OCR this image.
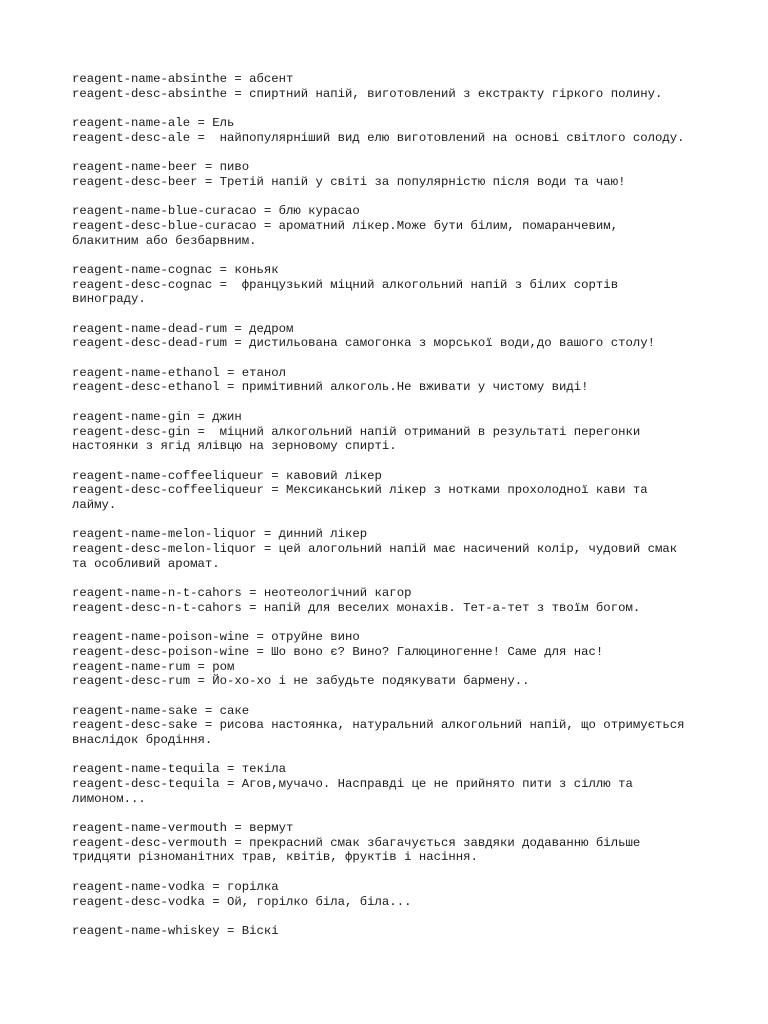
reagent-name-absinthe = абсент
reagent-desc-absinthe = спиртний напій, виготовлений з екстракту гіркого полину.
reagent-name-ale = Ель
reagent-desc-ale =  найпопулярніший вид елю виготовлений на основі світлого солоду.
reagent-name-beer = пиво
reagent-desc-beer = Третій напій у світі за популярністю після води та чаю!
reagent-name-blue-curacao = блю курасао
reagent-desc-blue-curacao = ароматний лікер.Може бути білим, помаранчевим,
блакитним або безбарвним.
reagent-name-cognac = коньяк
reagent-desc-cognac =  французький міцний алкогольний напій з білих сортів
винограду.
reagent-name-dead-rum = дедром
reagent-desc-dead-rum = дистильована самогонка з морської води,до вашого столу!
reagent-name-ethanol = етанол
reagent-desc-ethanol = примітивний алкоголь.Не вживати у чистому виді!
reagent-name-gin = джин
reagent-desc-gin =  міцний алкогольний напій отриманий в результаті перегонки
настоянки з ягід ялівцю на зерновому спирті.
reagent-name-coffeeliqueur = кавовий лікер
reagent-desc-coffeeliqueur = Мексиканський лікер з нотками прохолодної кави та
лайму.
reagent-name-melon-liquor = динний лікер
reagent-desc-melon-liquor = цей алогольний напій має насичений колір, чудовий смак
та особливий аромат.
reagent-name-n-t-cahors = неотеологічний кагор
reagent-desc-n-t-cahors = напій для веселих монахів. Тет-а-тет з твоїм богом.
reagent-name-poison-wine = отруйне вино
reagent-desc-poison-wine = Шо воно є? Вино? Галюциногенне! Саме для нас!
reagent-name-rum = ром
reagent-desc-rum = Йо-хо-хо і не забудьте подякувати бармену..
reagent-name-sake = саке
reagent-desc-sake = рисова настоянка, натуральний алкогольний напій, що отримується
внаслідок бродіння.
reagent-name-tequila = текіла
reagent-desc-tequila = Агов,мучачо. Насправді це не прийнято пити з сіллю та
лимоном...
reagent-name-vermouth = вермут
reagent-desc-vermouth = прекрасний смак збагачується завдяки додаванню більше
тридцяти різноманітних трав, квітів, фруктів і насіння.
reagent-name-vodka = горілка
reagent-desc-vodka = Ой, горілко біла, біла...
reagent-name-whiskey = Віскі
